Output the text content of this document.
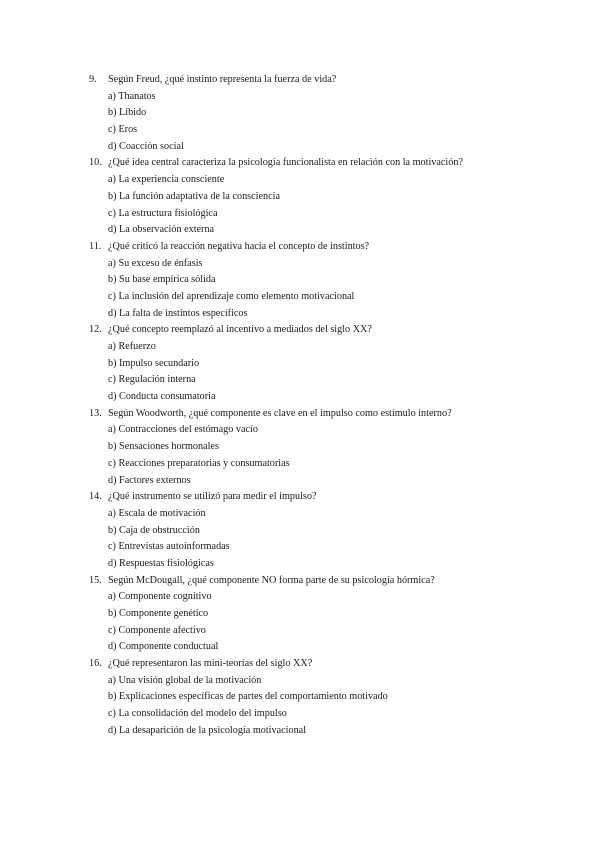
9. Según Freud, ¿qué instinto representa la fuerza de vida?
a) Thanatos
b) Libido
c) Eros
d) Coacción social
10. ¿Qué idea central caracteriza la psicología funcionalista en relación con la motivación?
a) La experiencia consciente
b) La función adaptativa de la consciencia
c) La estructura fisiológica
d) La observación externa
11. ¿Qué criticó la reacción negativa hacia el concepto de instintos?
a) Su exceso de énfasis
b) Su base empírica sólida
c) La inclusión del aprendizaje como elemento motivacional
d) La falta de instintos específicos
12. ¿Qué concepto reemplazó al incentivo a mediados del siglo XX?
a) Refuerzo
b) Impulso secundario
c) Regulación interna
d) Conducta consumatoria
13. Según Woodworth, ¿qué componente es clave en el impulso como estímulo interno?
a) Contracciones del estómago vacío
b) Sensaciones hormonales
c) Reacciones preparatorias y consumatorias
d) Factores externos
14. ¿Qué instrumento se utilizó para medir el impulso?
a) Escala de motivación
b) Caja de obstrucción
c) Entrevistas autoinformadas
d) Respuestas fisiológicas
15. Según McDougall, ¿qué componente NO forma parte de su psicología hórmica?
a) Componente cognitivo
b) Componente genético
c) Componente afectivo
d) Componente conductual
16. ¿Qué representaron las mini-teorías del siglo XX?
a) Una visión global de la motivación
b) Explicaciones específicas de partes del comportamiento motivado
c) La consolidación del modelo del impulso
d) La desaparición de la psicología motivacional
